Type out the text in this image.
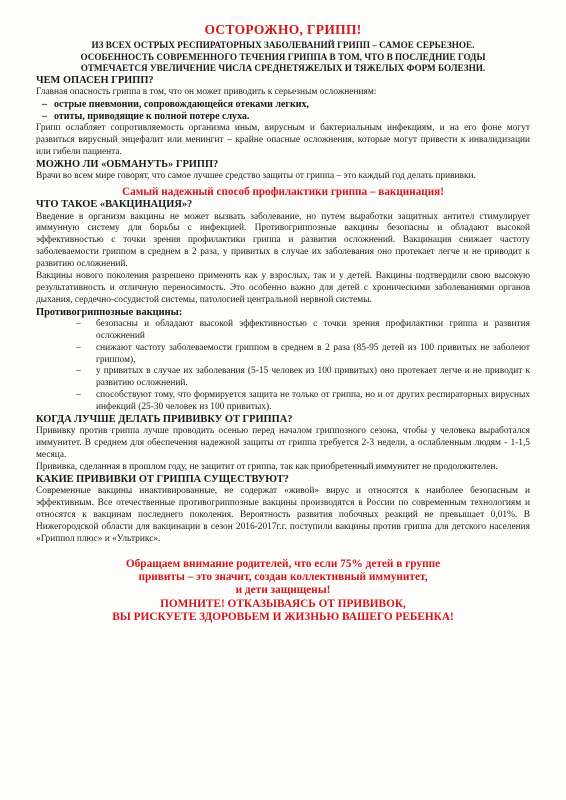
ОСТОРОЖНО, ГРИПП!
ИЗ ВСЕХ ОСТРЫХ РЕСПИРАТОРНЫХ ЗАБОЛЕВАНИЙ ГРИПП – САМОЕ СЕРЬЕЗНОЕ.
ОСОБЕННОСТЬ СОВРЕМЕННОГО ТЕЧЕНИЯ ГРИППА В ТОМ, ЧТО В ПОСЛЕДНИЕ ГОДЫ
ОТМЕЧАЕТСЯ УВЕЛИЧЕНИЕ ЧИСЛА СРЕДНЕТЯЖЕЛЫХ И ТЯЖЕЛЫХ ФОРМ БОЛЕЗНИ.
ЧЕМ ОПАСЕН ГРИПП?
Главная опасность гриппа в том, что он может приводить к серьезным осложнениям:
– острые пневмонии, сопровождающейся отеками легких,
– отиты, приводящие к полной потере слуха.
Грипп ослабляет сопротивляемость организма иным, вирусным и бактериальным инфекциям, и на его фоне могут развиться вирусный энцефалит или менингит – крайне опасные осложнения, которые могут привести к инвалидизации или гибели пациента.
МОЖНО ЛИ «ОБМАНУТЬ» ГРИПП?
Врачи во всем мире говорят, что самое лучшее средство защиты от гриппа – это каждый год делать прививки.
Самый надежный способ профилактики гриппа – вакцинация!
ЧТО ТАКОЕ «ВАКЦИНАЦИЯ»?
Введение в организм вакцины не может вызвать заболевание, но путем выработки защитных антител стимулирует иммунную систему для борьбы с инфекцией. Противогриппозные вакцины безопасны и обладают высокой эффективностью с точки зрения профилактики гриппа и развития осложнений. Вакцинация снижает частоту заболеваемости гриппом в среднем в 2 раза, у привитых в случае их заболевания оно протекает легче и не приводит к развитию осложнений.
Вакцины нового поколения разрешено применять как у взрослых, так и у детей. Вакцины подтвердили свою высокую результативность и отличную переносимость. Это особенно важно для детей с хроническими заболеваниями органов дыхания, сердечно-сосудистой системы, патологией центральной нервной системы.
Противогриппозные вакцины:
– безопасны и обладают высокой эффективностью с точки зрения профилактики гриппа и развития осложнений
– снижают частоту заболеваемости гриппом в среднем в 2 раза (85-95 детей из 100 привитых не заболеют гриппом),
– у привитых в случае их заболевания (5-15 человек из 100 привитых) оно протекает легче и не приводит к развитию осложнений.
– способствуют тому, что формируется защита не только от гриппа, но и от других респираторных вирусных инфекций (25-30 человек из 100 привитых).
КОГДА ЛУЧШЕ ДЕЛАТЬ ПРИВИВКУ ОТ ГРИППА?
Прививку против гриппа лучше проводить осенью перед началом гриппозного сезона, чтобы у человека выработался иммунитет. В среднем для обеспечения надежной защиты от гриппа требуется 2-3 недели, а ослабленным людям - 1-1,5 месяца.
Прививка, сделанная в прошлом году, не защитит от гриппа, так как приобретенный иммунитет не продолжителен.
КАКИЕ ПРИВИВКИ ОТ ГРИППА СУЩЕСТВУЮТ?
Современные вакцины инактивированные, не содержат «живой» вирус и относятся к наиболее безопасным и эффективным. Все отечественные противогриппозные вакцины производятся в России по современным технологиям и относятся к вакцинам последнего поколения. Вероятность развития побочных реакций не превышает 0,01%. В Нижегородской области для вакцинации в сезон 2016-2017г.г. поступили вакцины против гриппа для детского населения «Гриппол плюс» и «Ультрикс».
Обращаем внимание родителей, что если 75% детей в группе
привиты – это значит, создан коллективный иммунитет,
и дети защищены!
ПОМНИТЕ! ОТКАЗЫВАЯСЬ ОТ ПРИВИВОК,
ВЫ РИСКУЕТЕ ЗДОРОВЬЕМ И ЖИЗНЬЮ ВАШЕГО РЕБЕНКА!
